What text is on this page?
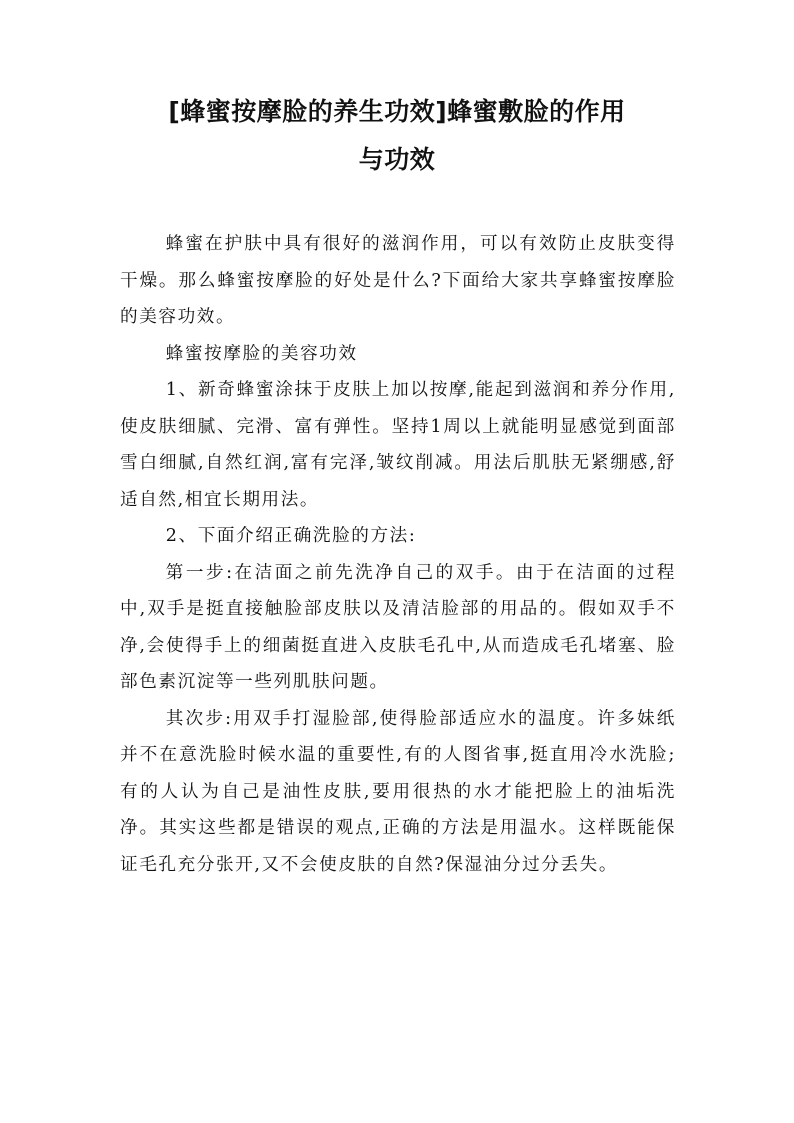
[蜂蜜按摩脸的养生功效]蜂蜜敷脸的作用
与功效

蜂蜜在护肤中具有很好的滋润作用，可以有效防止皮肤变得干燥。那么蜂蜜按摩脸的好处是什么?下面给大家共享蜂蜜按摩脸的美容功效。

蜂蜜按摩脸的美容功效

1、新奇蜂蜜涂抹于皮肤上加以按摩,能起到滋润和养分作用,使皮肤细腻、完滑、富有弹性。坚持1周以上就能明显感觉到面部雪白细腻,自然红润,富有完泽,皱纹削减。用法后肌肤无紧绷感,舒适自然,相宜长期用法。

2、下面介绍正确洗脸的方法:

第一步:在洁面之前先洗净自己的双手。由于在洁面的过程中,双手是挺直接触脸部皮肤以及清洁脸部的用品的。假如双手不净,会使得手上的细菌挺直进入皮肤毛孔中,从而造成毛孔堵塞、脸部色素沉淀等一些列肌肤问题。

其次步:用双手打湿脸部,使得脸部适应水的温度。许多妹纸并不在意洗脸时候水温的重要性,有的人图省事,挺直用冷水洗脸;有的人认为自己是油性皮肤,要用很热的水才能把脸上的油垢洗净。其实这些都是错误的观点,正确的方法是用温水。这样既能保证毛孔充分张开,又不会使皮肤的自然?保湿油分过分丢失。
